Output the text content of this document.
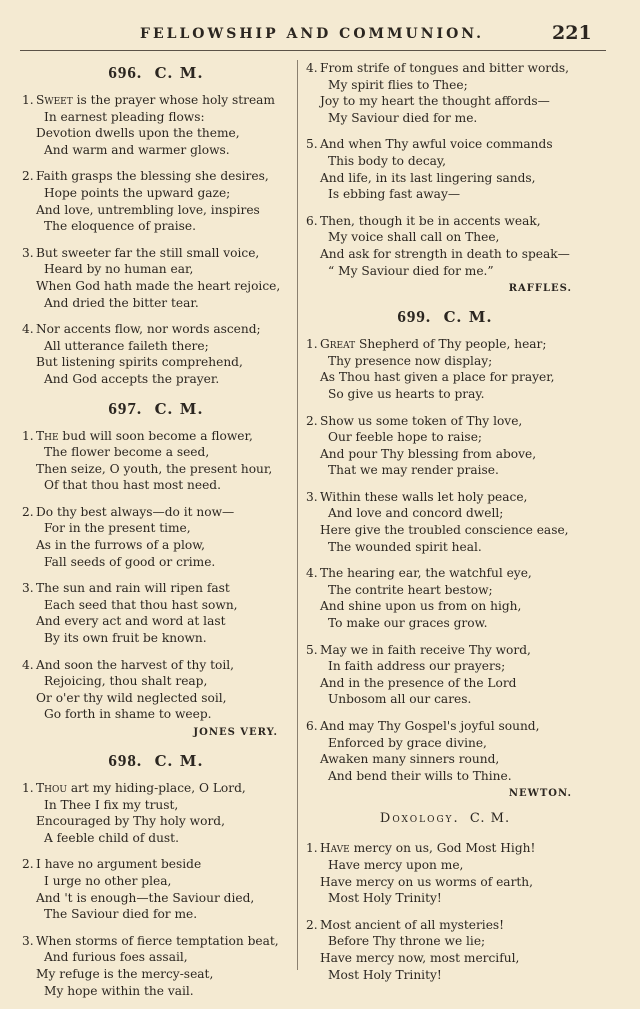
FELLOWSHIP AND COMMUNION.	221
696. C. M.
1. Sweet is the prayer whose holy stream
In earnest pleading flows:
Devotion dwells upon the theme,
And warm and warmer glows.
2. Faith grasps the blessing she desires,
Hope points the upward gaze;
And love, untrembling love, inspires
The eloquence of praise.
3. But sweeter far the still small voice,
Heard by no human ear,
When God hath made the heart rejoice,
And dried the bitter tear.
4. Nor accents flow, nor words ascend;
All utterance faileth there;
But listening spirits comprehend,
And God accepts the prayer.
697. C. M.
1. The bud will soon become a flower,
The flower become a seed,
Then seize, O youth, the present hour,
Of that thou hast most need.
2. Do thy best always—do it now—
For in the present time,
As in the furrows of a plow,
Fall seeds of good or crime.
3. The sun and rain will ripen fast
Each seed that thou hast sown,
And every act and word at last
By its own fruit be known.
4. And soon the harvest of thy toil,
Rejoicing, thou shalt reap,
Or o'er thy wild neglected soil,
Go forth in shame to weep.
JONES VERY.
698. C. M.
1. Thou art my hiding-place, O Lord,
In Thee I fix my trust,
Encouraged by Thy holy word,
A feeble child of dust.
2. I have no argument beside
I urge no other plea,
And 't is enough—the Saviour died,
The Saviour died for me.
3. When storms of fierce temptation beat,
And furious foes assail,
My refuge is the mercy-seat,
My hope within the vail.
4. From strife of tongues and bitter words,
My spirit flies to Thee;
Joy to my heart the thought affords—
My Saviour died for me.
5. And when Thy awful voice commands
This body to decay,
And life, in its last lingering sands,
Is ebbing fast away—
6. Then, though it be in accents weak,
My voice shall call on Thee,
And ask for strength in death to speak—
“ My Saviour died for me.”
RAFFLES.
699. C. M.
1. Great Shepherd of Thy people, hear;
Thy presence now display;
As Thou hast given a place for prayer,
So give us hearts to pray.
2. Show us some token of Thy love,
Our feeble hope to raise;
And pour Thy blessing from above,
That we may render praise.
3. Within these walls let holy peace,
And love and concord dwell;
Here give the troubled conscience ease,
The wounded spirit heal.
4. The hearing ear, the watchful eye,
The contrite heart bestow;
And shine upon us from on high,
To make our graces grow.
5. May we in faith receive Thy word,
In faith address our prayers;
And in the presence of the Lord
Unbosom all our cares.
6. And may Thy Gospel's joyful sound,
Enforced by grace divine,
Awaken many sinners round,
And bend their wills to Thine.
NEWTON.
Doxology. C. M.
1. Have mercy on us, God Most High!
Have mercy upon me,
Have mercy on us worms of earth,
Most Holy Trinity!
2. Most ancient of all mysteries!
Before Thy throne we lie;
Have mercy now, most merciful,
Most Holy Trinity!
